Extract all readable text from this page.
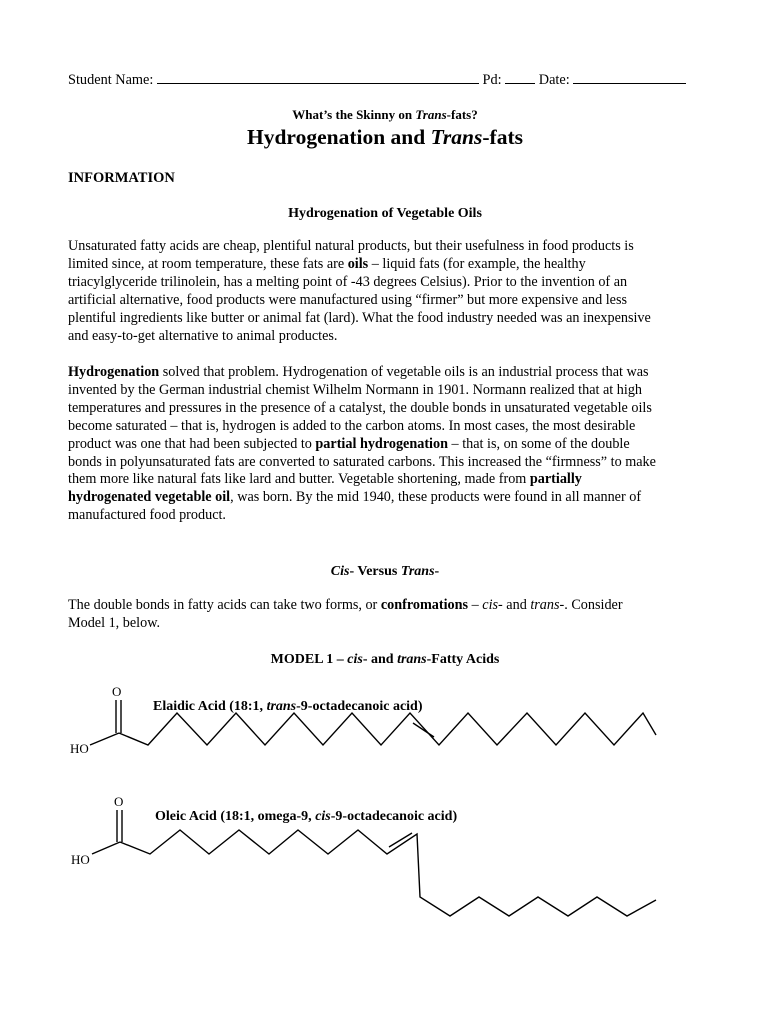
Student Name:	Pd:	Date:
What’s the Skinny on Trans-fats?
Hydrogenation and Trans-fats
INFORMATION
Hydrogenation of Vegetable Oils
Unsaturated fatty acids are cheap, plentiful natural products, but their usefulness in food products is
limited since, at room temperature, these fats are oils – liquid fats (for example, the healthy
triacylglyceride trilinolein, has a melting point of -43 degrees Celsius). Prior to the invention of an
artificial alternative, food products were manufactured using “firmer” but more expensive and less
plentiful ingredients like butter or animal fat (lard). What the food industry needed was an inexpensive
and easy-to-get alternative to animal productes.
Hydrogenation solved that problem. Hydrogenation of vegetable oils is an industrial process that was
invented by the German industrial chemist Wilhelm Normann in 1901. Normann realized that at high
temperatures and pressures in the presence of a catalyst, the double bonds in unsaturated vegetable oils
become saturated – that is, hydrogen is added to the carbon atoms. In most cases, the most desirable
product was one that had been subjected to partial hydrogenation – that is, on some of the double
bonds in polyunsaturated fats are converted to saturated carbons. This increased the “firmness” to make
them more like natural fats like lard and butter. Vegetable shortening, made from partially
hydrogenated vegetable oil, was born. By the mid 1940, these products were found in all manner of
manufactured food product.
Cis- Versus Trans-
The double bonds in fatty acids can take two forms, or confromations – cis- and trans-. Consider
Model 1, below.
MODEL 1 – cis- and trans-Fatty Acids
O
HO
Elaidic Acid (18:1, trans-9-octadecanoic acid)
O
HO
Oleic Acid (18:1, omega-9, cis-9-octadecanoic acid)
